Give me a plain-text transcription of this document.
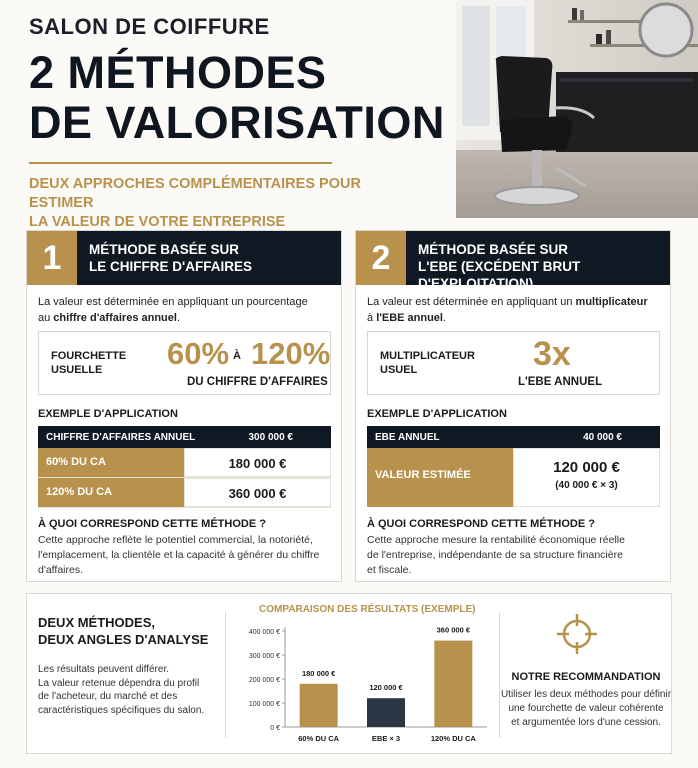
SALON DE COIFFURE
2 MÉTHODES
DE VALORISATION
DEUX APPROCHES COMPLÉMENTAIRES POUR ESTIMER
LA VALEUR DE VOTRE ENTREPRISE
1	MÉTHODE BASÉE SUR
LE CHIFFRE D'AFFAIRES
La valeur est déterminée en appliquant un pourcentage
au chiffre d'affaires annuel.
FOURCHETTE
USUELLE	60% À 120%
DU CHIFFRE D'AFFAIRES
EXEMPLE D'APPLICATION
CHIFFRE D'AFFAIRES ANNUEL	300 000 €
60% DU CA	180 000 €
120% DU CA	360 000 €
À QUOI CORRESPOND CETTE MÉTHODE ?
Cette approche reflète le potentiel commercial, la notoriété,
l'emplacement, la clientèle et la capacité à générer du chiffre
d'affaires.
2	MÉTHODE BASÉE SUR
L'EBE (EXCÉDENT BRUT D'EXPLOITATION)
La valeur est déterminée en appliquant un multiplicateur
à l'EBE annuel.
MULTIPLICATEUR
USUEL	3x
L'EBE ANNUEL
EXEMPLE D'APPLICATION
EBE ANNUEL	40 000 €
VALEUR ESTIMÉE	120 000 €
(40 000 € × 3)
À QUOI CORRESPOND CETTE MÉTHODE ?
Cette approche mesure la rentabilité économique réelle
de l'entreprise, indépendante de sa structure financière
et fiscale.
DEUX MÉTHODES,
DEUX ANGLES D'ANALYSE
Les résultats peuvent différer.
La valeur retenue dépendra du profil
de l'acheteur, du marché et des
caractéristiques spécifiques du salon.
COMPARAISON DES RÉSULTATS (EXEMPLE)
0 €
100 000 €
200 000 €
300 000 €
400 000 €
180 000 €
60% DU CA
120 000 €
EBE × 3
360 000 €
120% DU CA
NOTRE RECOMMANDATION
Utiliser les deux méthodes pour définir
une fourchette de valeur cohérente
et argumentée lors d'une cession.
